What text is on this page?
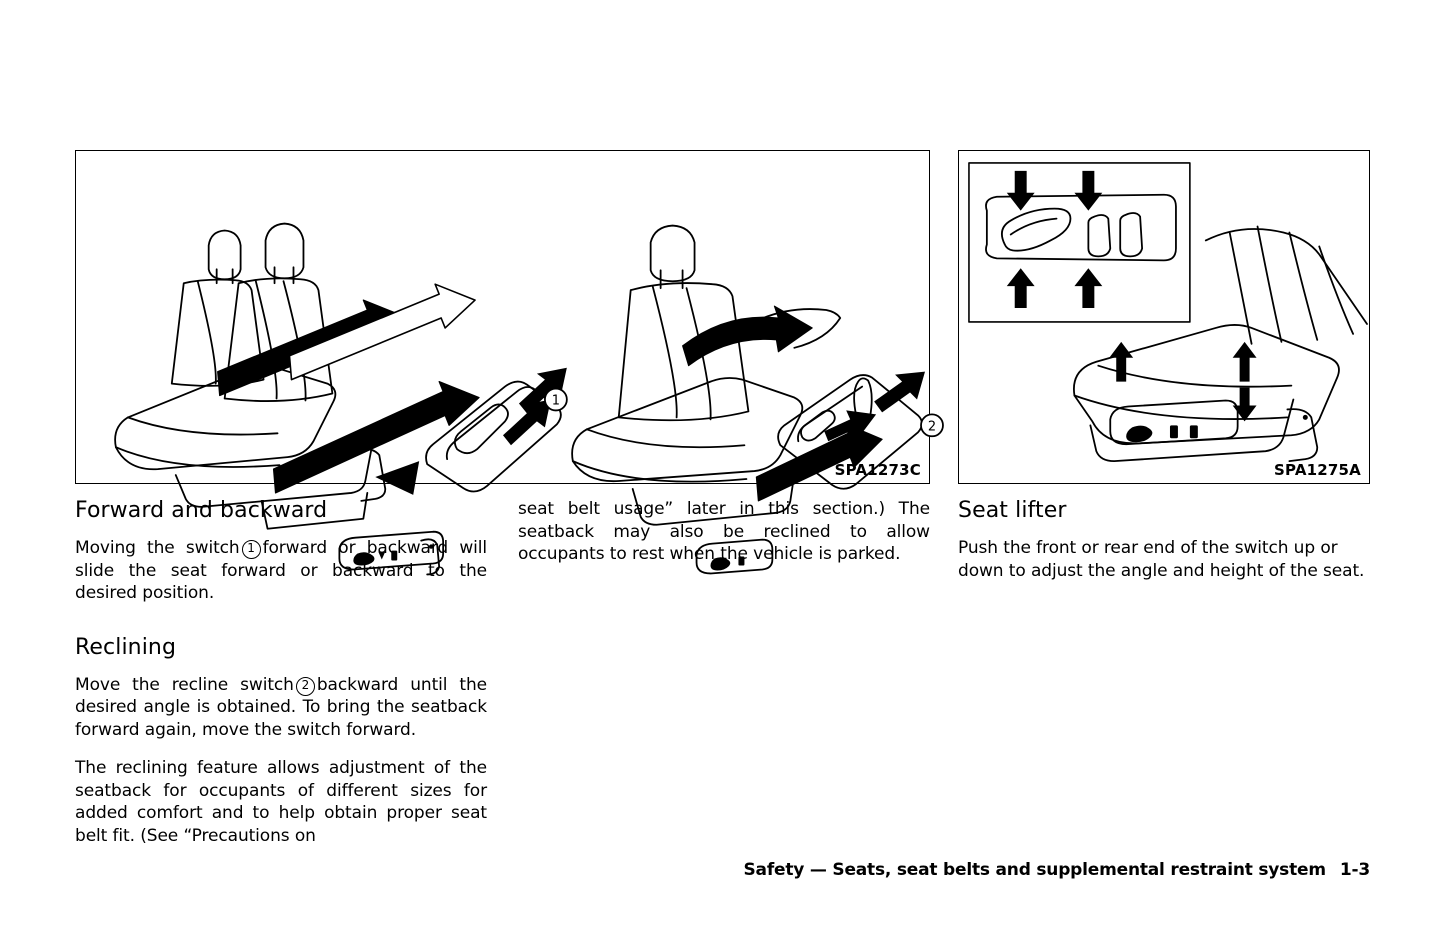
1
2
SPA1273C	SPA1275A
Forward and backward

Moving the switch 1 forward or backward will slide the seat forward or backward to the desired position.

Reclining

Move the recline switch 2 backward until the desired angle is obtained. To bring the seatback forward again, move the switch forward.

The reclining feature allows adjustment of the seatback for occupants of different sizes for added comfort and to help obtain proper seat belt fit. (See “Precautions on

seat belt usage” later in this section.) The seatback may also be reclined to allow occupants to rest when the vehicle is parked.

Seat lifter

Push the front or rear end of the switch up or down to adjust the angle and height of the seat.

Safety — Seats, seat belts and supplemental restraint system 1-3
